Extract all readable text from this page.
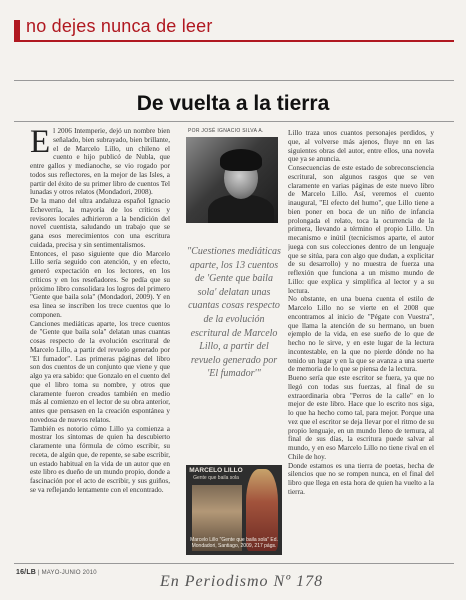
no dejes nunca de leer
De vuelta a la tierra
E l 2006 Intemperie, dejó un nombre bien señalado, bien subrayado, bien brillante, el de Marcelo Lillo, un chileno el cuento e hijo publicó de Nubla, que entre gallos y medianoche, se vio rogado por todos sus reflectores, en la mejor de las Isles, a partir del éxito de su primer libro de cuentos Tel lunadas y otros relatos (Mondadori, 2008).

De la mano del ultra andaluza español Ignacio Echeverría, la mayoría de los críticos y revisores locales adhirieron a la bendición del novel cuentista, saludando un trabajo que se gana esos merecimientos con una escritura cuidada, precisa y sin sentimentalismos.

Entonces, el paso siguiente que dio Marcelo Lillo sería seguido con atención, y en efecto, generó expectación en los lectores, en los críticos y en los reseñadores. Se pedía que su próximo libro consolidara los logros del primero "Gente que baila sola" (Mondadori, 2009). Y en esa linea se inscriben los trece cuentos que lo componen.

Canciones mediáticas aparte, los trece cuentos de "Gente que baila sola" delatan unas cuantas cosas respecto de la evolución escritural de Marcelo Lillo, a partir del revuelo generado por "El fumador". Las primeras páginas del libro son dos cuentos de un conjunto que viene y que algo ya era sabido: que Gonzalo en el cuento del que el libro toma su nombre, y otros que claramente fueron creados también en medio más al comienzo en el lector de su obra anterior, antes que pensasen en la creación espontánea y novedosa de nuevos relatos.

También es notorio cómo Lillo ya comienza a mostrar los síntomas de quien ha descubierto claramente una fórmula de cómo escribir, su receta, de algún que, de repente, se sabe escribir, un estado habitual en la vida de un autor que en este libro es dueño de un mundo propio, donde a fascinación por el acto de escribir, y sus guiños, se va reflejando lentamente con el encontrado.

POR JOSÉ IGNACIO SILVA A.
"Cuestiones mediáticas aparte, los 13 cuentos de 'Gente que baila sola' delatan unas cuantas cosas respecto de la evolución escritural de Marcelo Lillo, a partir del revuelo generado por 'El fumador'"
MARCELO LILLO
Gente que baila sola
Marcelo Lillo "Gente que baila sola" Ed. Mondadori, Santiago, 2009, 217 págs.

Lillo traza unos cuantos personajes perdidos, y que, al volverse más ajenos, fluye nn en las siguientes obras del autor, entre ellos, una novela que ya se anuncia.

Consecuencias de este estado de sobreconsciencia escritural, son algunos rasgos que se ven claramente en varias páginas de este nuevo libro de Marcelo Lillo. Así, veremos el cuento inaugural, "El efecto del humo", que Lillo tiene a bien poner en boca de un niño de infancia prolongada el relato, toca la ocurrencia de la primera, llevando a término el propio Lillo. Un mecanismo e inútil (tecnicismos aparte, el autor juega con sus colecciones dentro de un lenguaje que se sitúa, para con algo que dudan, a explicitar de su desarrollo) y no muestra de fuerza una reflexión que funciona a un mismo mundo de Lillo: que explica y simplifica al lector y a su lectura.

No obstante, en una buena cuenta el estilo de Marcelo Lillo no se vierte en el 2008 que encontramos al inicio de "Pégate con Vuestra", que llama la atención de su hermano, un buen ejemplo de la vida, en ese sueño de lo que de hecho no le sirve, y en este lugar de la lectura incontestable, en la que no pierde dónde no ha tenido un lugar y en la que se avanza a una suerte de memoria de lo que se piensa de la lectura.

Bueno sería que este escritor se fuera, ya que no llegó con todas sus fuerzas, al final de su extraordinaria obra "Perros de la calle" en lo mejor de este libro. Hace que lo escrito nos siga, lo que ha hecho como tal, para mejor. Porque una vez que el escritor se deja llevar por el ritmo de su propio lenguaje, en un mundo lleno de ternura, al final de sus días, la escritura puede salvar al mundo, y en eso Marcelo Lillo no tiene rival en el Chile de hoy.

Donde estamos es una tierra de poetas, hecha de silencios que no se rompen nunca, en el final del libro que llega en esta hora de quien ha vuelto a la tierra.

16/LB | MAYO-JUNIO 2010	En Periodismo Nº 178
